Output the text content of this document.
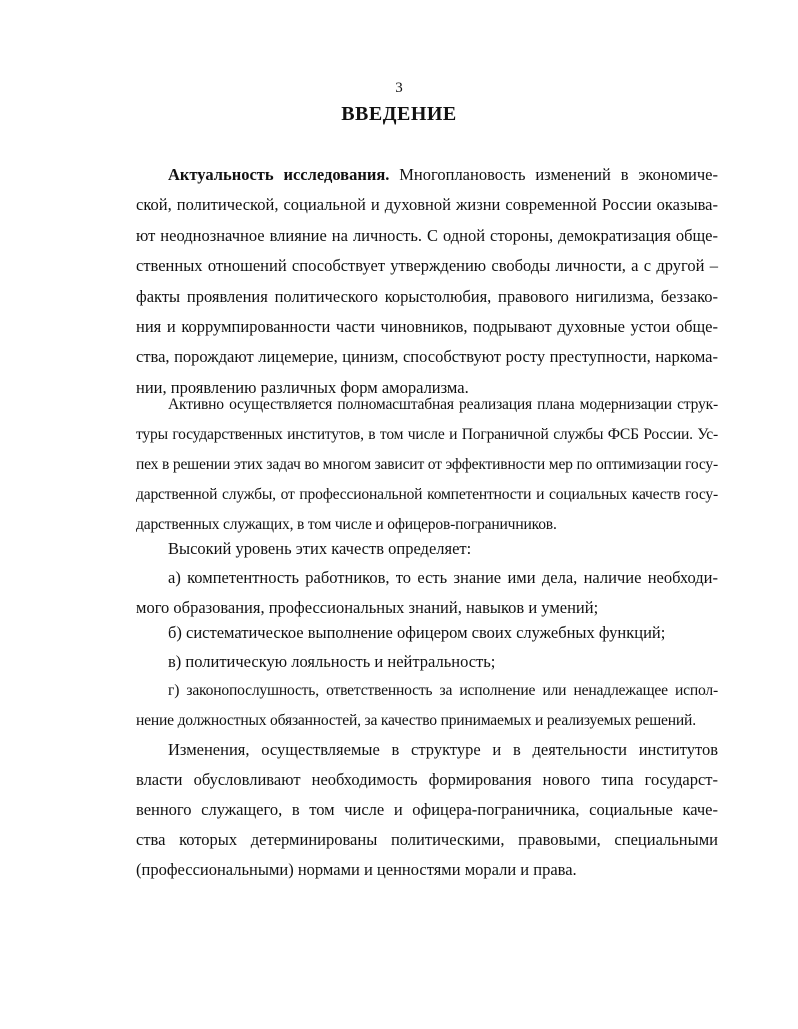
3
ВВЕДЕНИЕ
Актуальность исследования. Многоплановость изменений в экономиче-
ской, политической, социальной и духовной жизни современной России оказыва-
ют неоднозначное влияние на личность. С одной стороны, демократизация обще-
ственных отношений способствует утверждению свободы личности, а с другой –
факты проявления политического корыстолюбия, правового нигилизма, беззако-
ния и коррумпированности части чиновников, подрывают духовные устои обще-
ства, порождают лицемерие, цинизм, способствуют росту преступности, наркома-
нии, проявлению различных форм аморализма.
Активно осуществляется полномасштабная реализация плана модернизации струк-
туры государственных институтов, в том числе и Пограничной службы ФСБ России. Ус-
пех в решении этих задач во многом зависит от эффективности мер по оптимизации госу-
дарственной службы, от профессиональной компетентности и социальных качеств госу-
дарственных служащих, в том числе и офицеров-пограничников.
Высокий уровень этих качеств определяет:
а) компетентность работников, то есть знание ими дела, наличие необходи-
мого образования, профессиональных знаний, навыков и умений;
б) систематическое выполнение офицером своих служебных функций;
в) политическую лояльность и нейтральность;
г) законопослушность, ответственность за исполнение или ненадлежащее испол-
нение должностных обязанностей, за качество принимаемых и реализуемых решений.
Изменения, осуществляемые в структуре и в деятельности институтов
власти обусловливают необходимость формирования нового типа государст-
венного служащего, в том числе и офицера-пограничника, социальные каче-
ства которых детерминированы политическими, правовыми, специальными
(профессиональными) нормами и ценностями морали и права.
